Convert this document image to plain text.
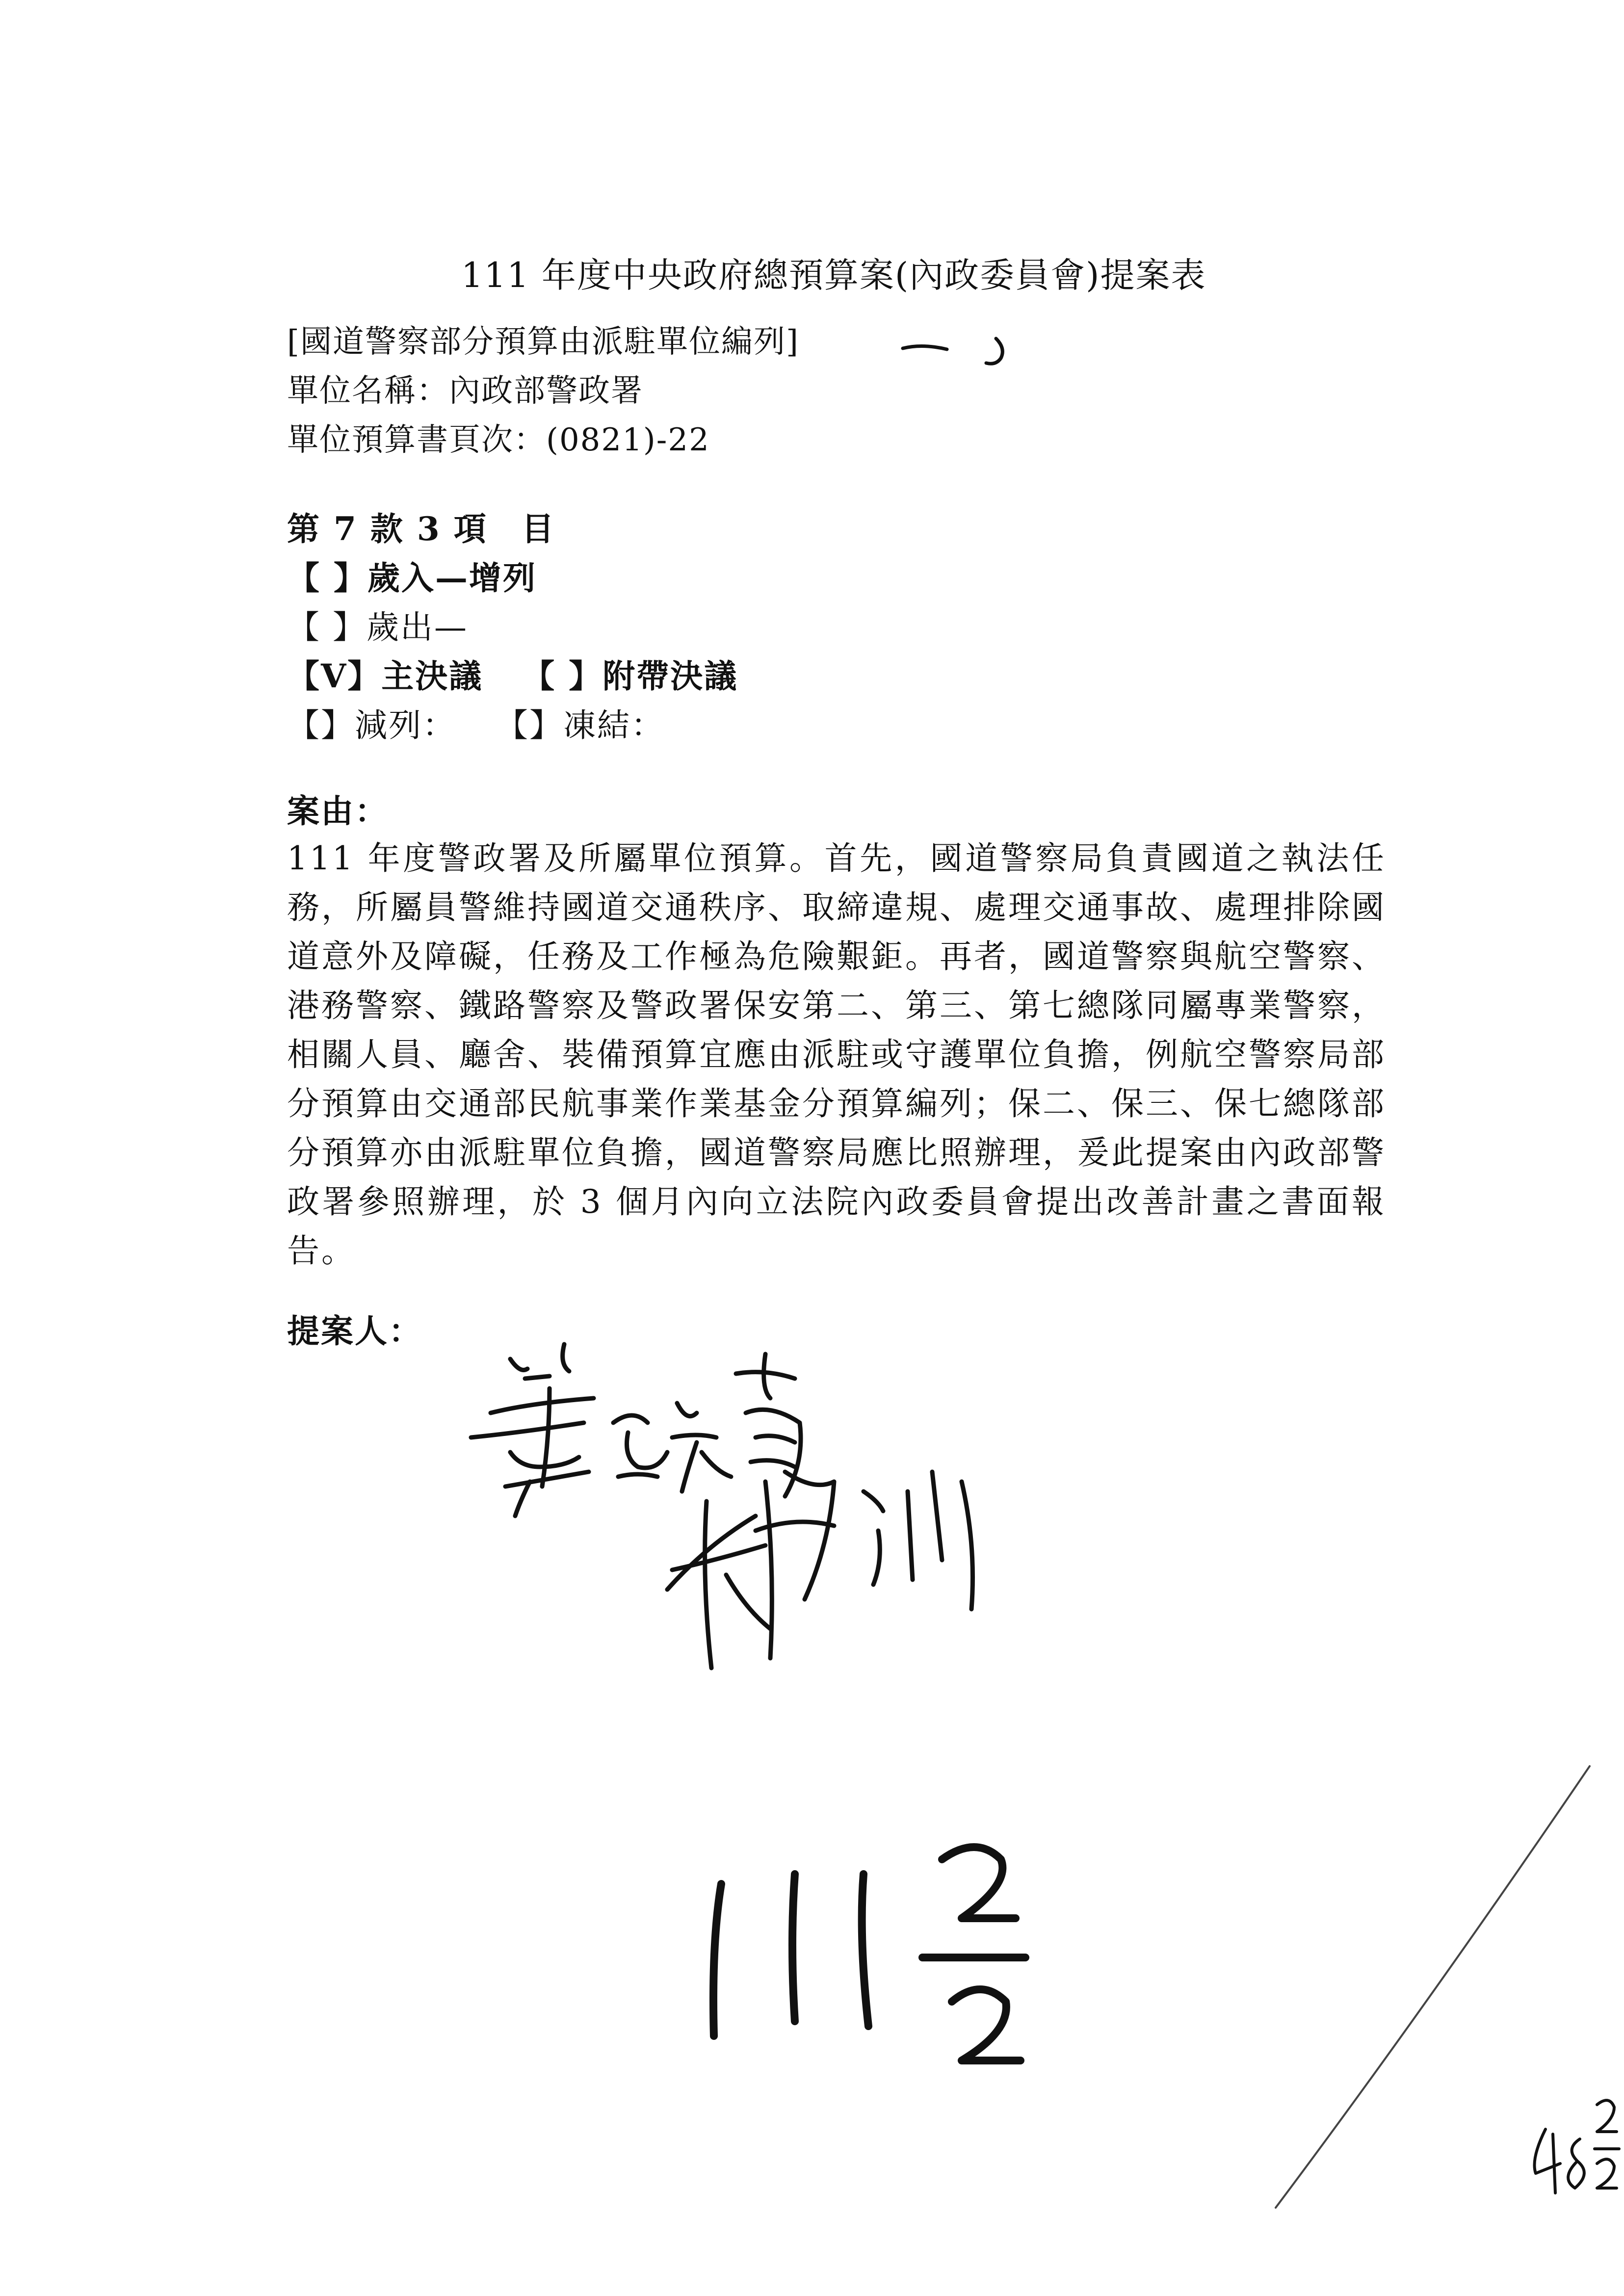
111 年度中央政府總預算案(內政委員會)提案表
[國道警察部分預算由派駐單位編列]
單位名稱：內政部警政署
單位預算書頁次：(0821)-22
第 7 款 3 項　目
【 】歲入—增列
【 】歲出—
【V】主決議 【 】附帶決議
【】減列： 【】凍結：
案由：
111 年度警政署及所屬單位預算。首先，國道警察局負責國道之執法任務，所屬員警維持國道交通秩序、取締違規、處理交通事故、處理排除國道意外及障礙，任務及工作極為危險艱鉅。再者，國道警察與航空警察、港務警察、鐵路警察及警政署保安第二、第三、第七總隊同屬專業警察，相關人員、廳舍、裝備預算宜應由派駐或守護單位負擔，例航空警察局部分預算由交通部民航事業作業基金分預算編列；保二、保三、保七總隊部分預算亦由派駐單位負擔，國道警察局應比照辦理，爰此提案由內政部警政署參照辦理，於 3 個月內向立法院內政委員會提出改善計畫之書面報告。
提案人：
